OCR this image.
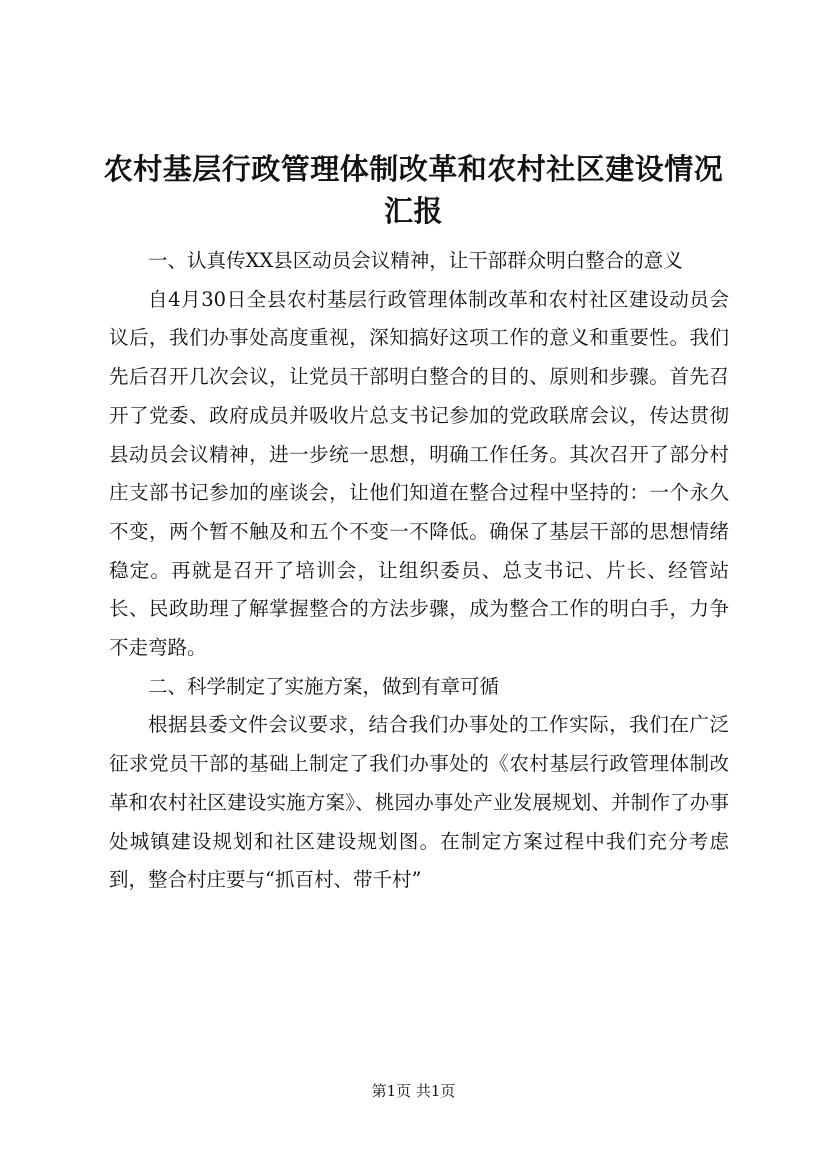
农村基层行政管理体制改革和农村社区建设情况汇报

一、认真传XX县区动员会议精神，让干部群众明白整合的意义

自4月30日全县农村基层行政管理体制改革和农村社区建设动员会议后，我们办事处高度重视，深知搞好这项工作的意义和重要性。我们先后召开几次会议，让党员干部明白整合的目的、原则和步骤。首先召开了党委、政府成员并吸收片总支书记参加的党政联席会议，传达贯彻县动员会议精神，进一步统一思想，明确工作任务。其次召开了部分村庄支部书记参加的座谈会，让他们知道在整合过程中坚持的：一个永久不变，两个暂不触及和五个不变一不降低。确保了基层干部的思想情绪稳定。再就是召开了培训会，让组织委员、总支书记、片长、经管站长、民政助理了解掌握整合的方法步骤，成为整合工作的明白手，力争不走弯路。

二、科学制定了实施方案，做到有章可循

根据县委文件会议要求，结合我们办事处的工作实际，我们在广泛征求党员干部的基础上制定了我们办事处的《农村基层行政管理体制改革和农村社区建设实施方案》、桃园办事处产业发展规划、并制作了办事处城镇建设规划和社区建设规划图。在制定方案过程中我们充分考虑到，整合村庄要与“抓百村、带千村”

第1页 共1页
